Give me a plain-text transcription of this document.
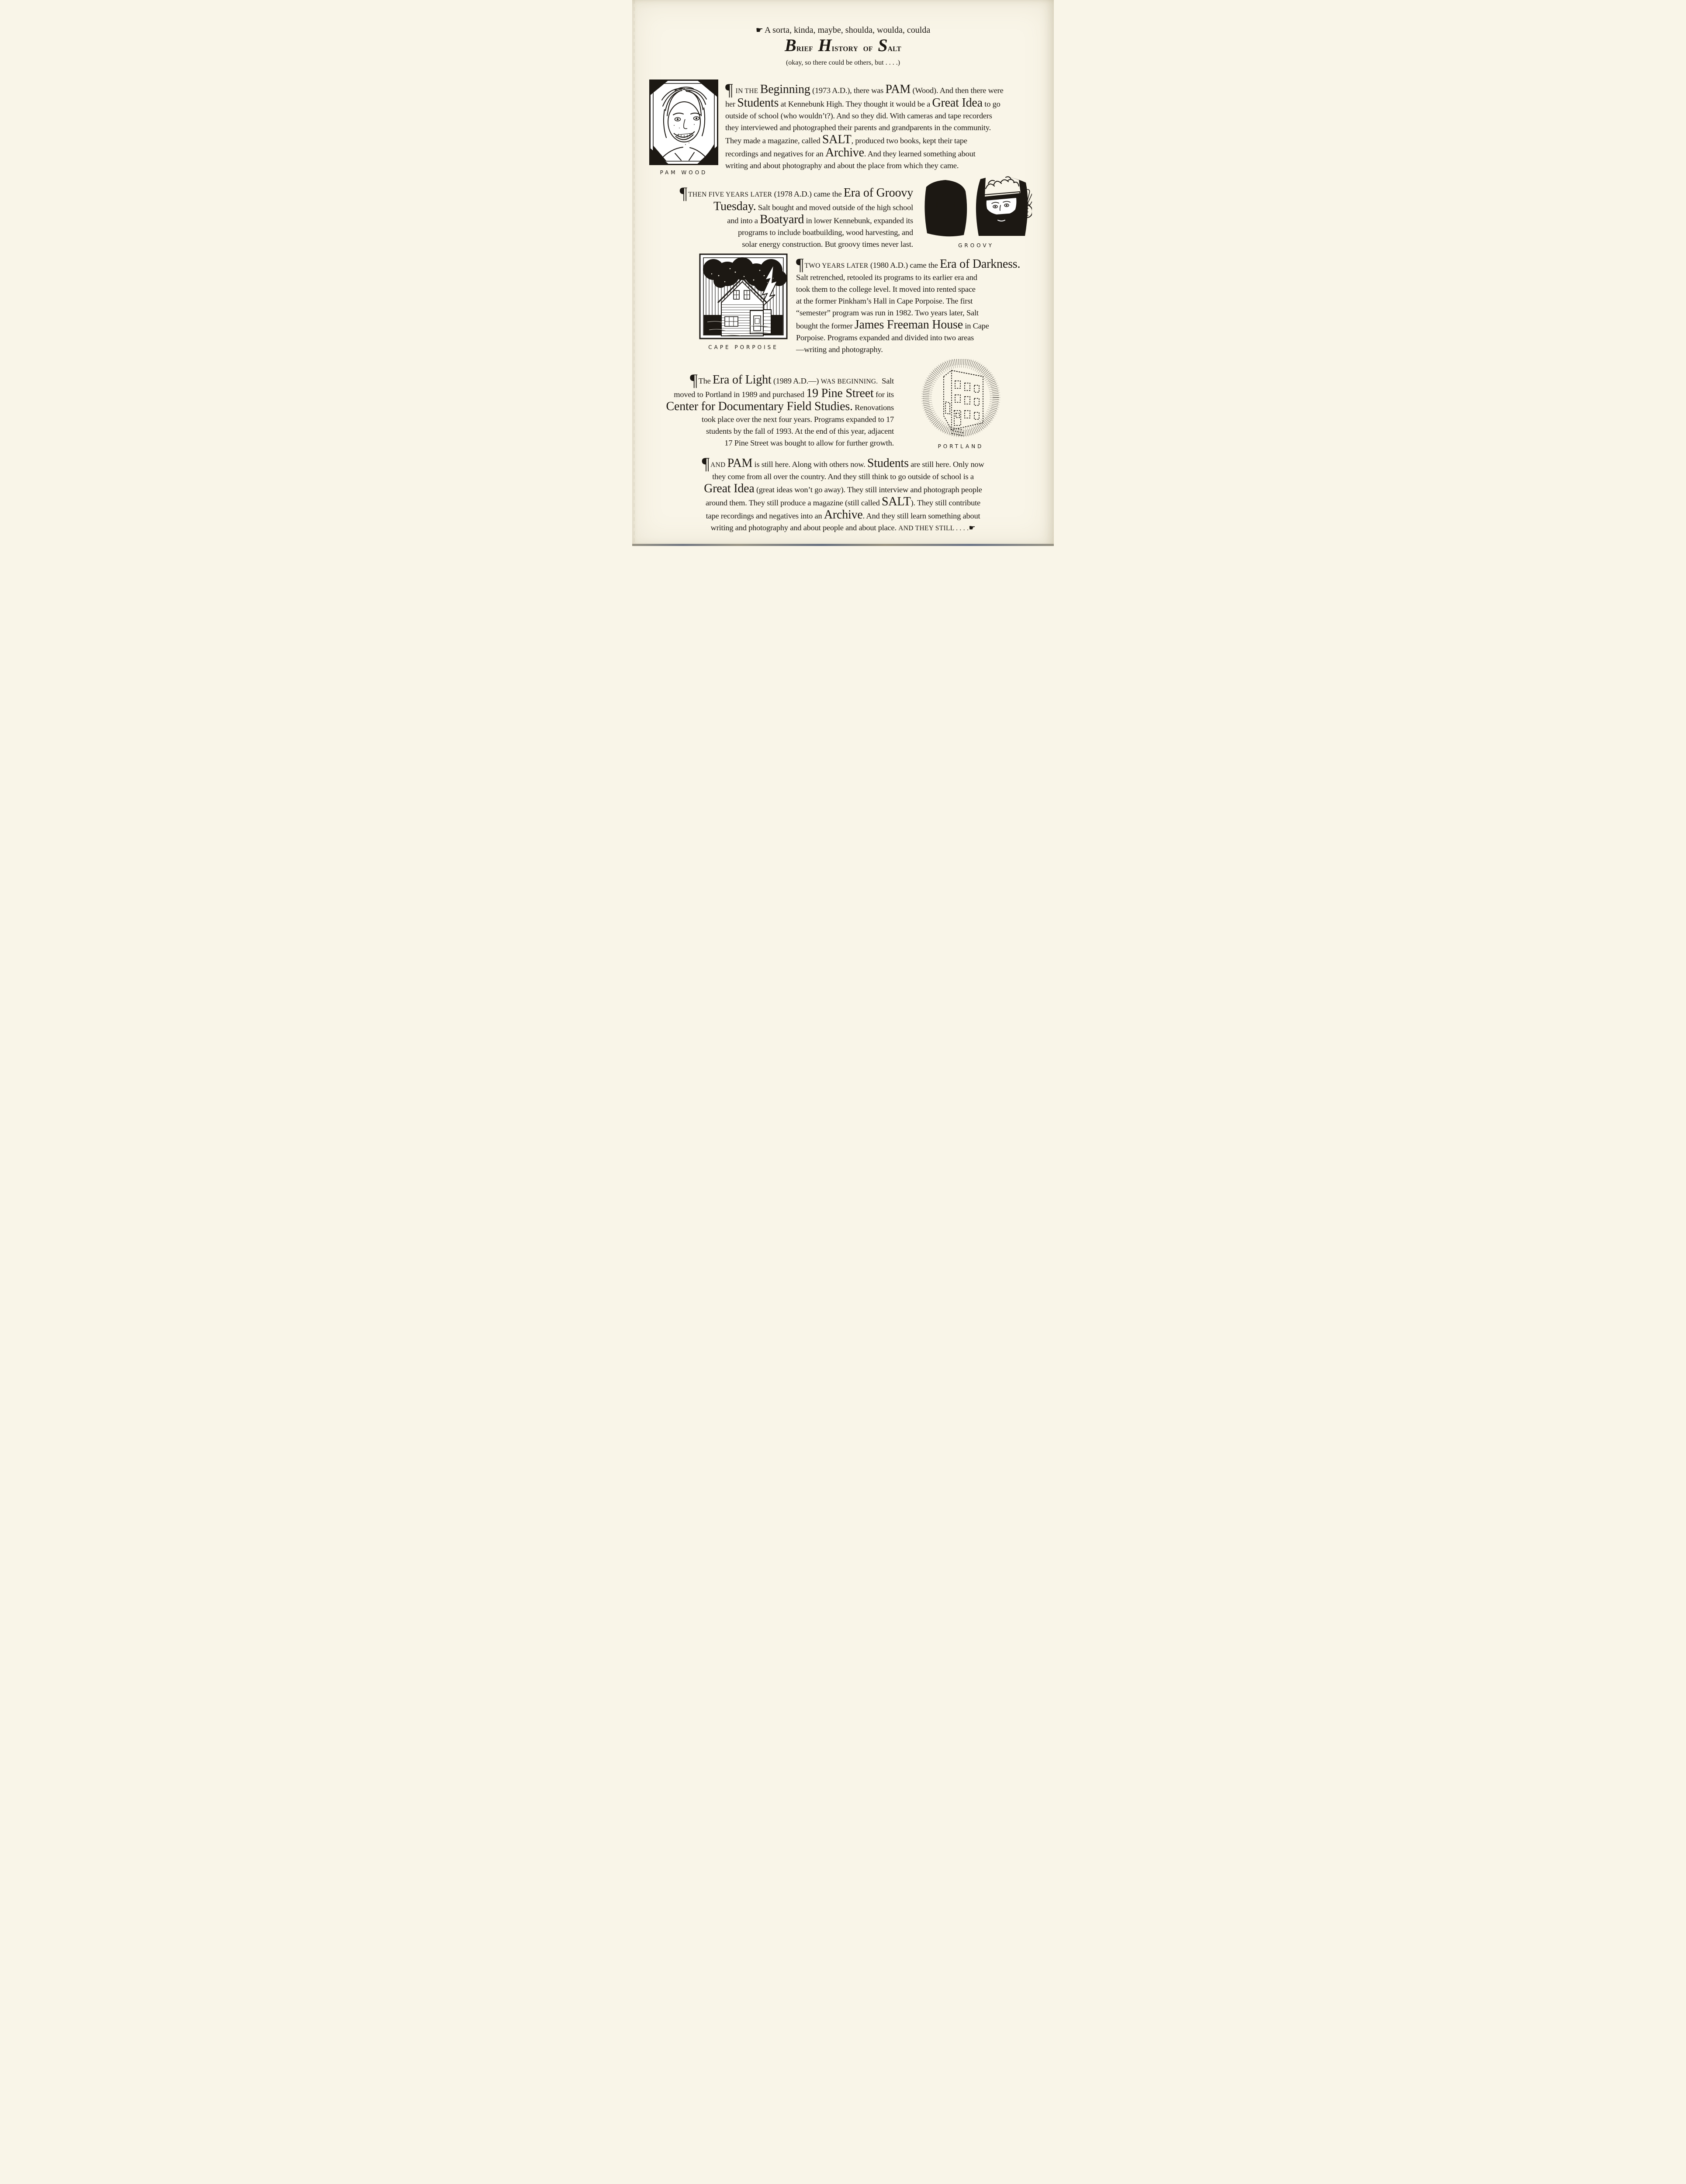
☛ A sorta, kinda, maybe, shoulda, woulda, coulda
BRIEF HISTORY OF SALT
(okay, so there could be others, but . . . .)
PAM WOOD
¶ IN THE Beginning (1973 A.D.), there was PAM (Wood). And then there were
her Students at Kennebunk High. They thought it would be a Great Idea to go
outside of school (who wouldn’t?). And so they did. With cameras and tape recorders
they interviewed and photographed their parents and grandparents in the community.
They made a magazine, called SALT, produced two books, kept their tape
recordings and negatives for an Archive. And they learned something about
writing and about photography and about the place from which they came.
¶ THEN FIVE YEARS LATER (1978 A.D.) came the Era of Groovy
Tuesday. Salt bought and moved outside of the high school
and into a Boatyard in lower Kennebunk, expanded its
programs to include boatbuilding, wood harvesting, and
solar energy construction. But groovy times never last.	GROOVY
CAPE PORPOISE
¶ TWO YEARS LATER (1980 A.D.) came the Era of Darkness.
Salt retrenched, retooled its programs to its earlier era and
took them to the college level. It moved into rented space
at the former Pinkham’s Hall in Cape Porpoise. The first
“semester” program was run in 1982. Two years later, Salt
bought the former James Freeman House in Cape
Porpoise. Programs expanded and divided into two areas
—writing and photography.
¶ The Era of Light (1989 A.D.—) WAS BEGINNING.  Salt
moved to Portland in 1989 and purchased 19 Pine Street for its
Center for Documentary Field Studies. Renovations
took place over the next four years. Programs expanded to 17
students by the fall of 1993. At the end of this year, adjacent
17 Pine Street was bought to allow for further growth.	PORTLAND
¶ AND PAM is still here. Along with others now. Students are still here. Only now
they come from all over the country. And they still think to go outside of school is a
Great Idea (great ideas won’t go away). They still interview and photograph people
around them. They still produce a magazine (still called SALT). They still contribute
tape recordings and negatives into an Archive. And they still learn something about
writing and photography and about people and about place. AND THEY STILL . . . .☛
